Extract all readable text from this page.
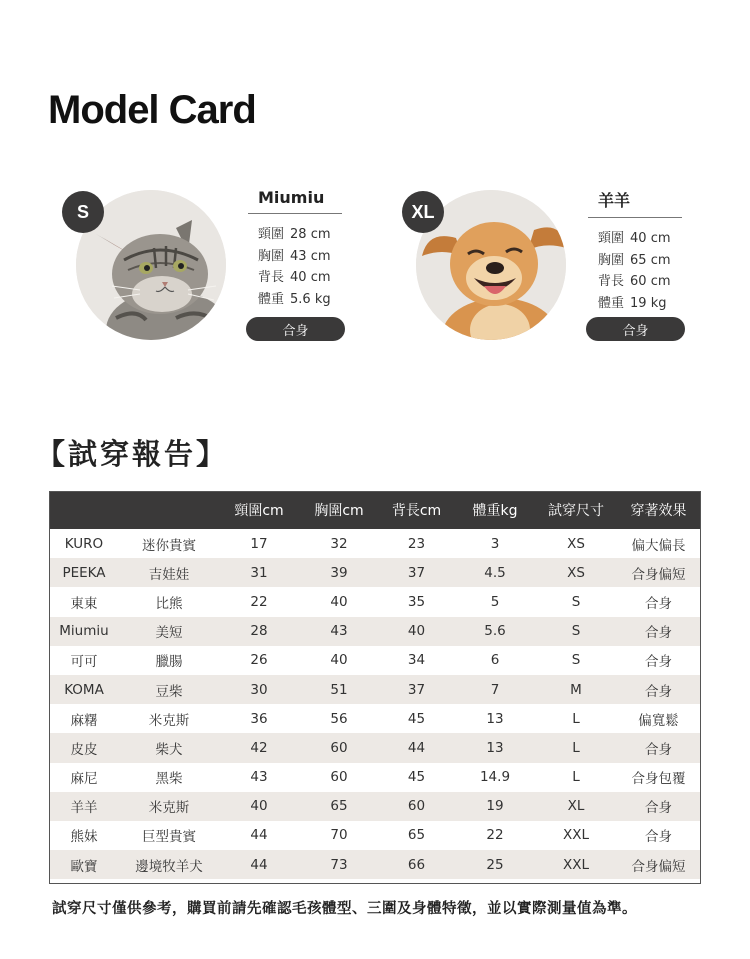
Model Card
S
Miumiu
頸圍 28 cm
胸圍 43 cm
背長 40 cm
體重 5.6 kg
合身
XL
羊羊
頸圍 40 cm
胸圍 65 cm
背長 60 cm
體重 19 kg
合身
【試穿報告】
		頸圍cm	胸圍cm	背長cm	體重kg	試穿尺寸	穿著效果
KURO	迷你貴賓	17	32	23	3	XS	偏大偏長
PEEKA	吉娃娃	31	39	37	4.5	XS	合身偏短
東東	比熊	22	40	35	5	S	合身
Miumiu	美短	28	43	40	5.6	S	合身
可可	臘腸	26	40	34	6	S	合身
KOMA	豆柴	30	51	37	7	M	合身
麻糬	米克斯	36	56	45	13	L	偏寬鬆
皮皮	柴犬	42	60	44	13	L	合身
麻尼	黑柴	43	60	45	14.9	L	合身包覆
羊羊	米克斯	40	65	60	19	XL	合身
熊妹	巨型貴賓	44	70	65	22	XXL	合身
歐寶	邊境牧羊犬	44	73	66	25	XXL	合身偏短
試穿尺寸僅供參考，購買前請先確認毛孩體型、三圍及身體特徵，並以實際測量值為準。
